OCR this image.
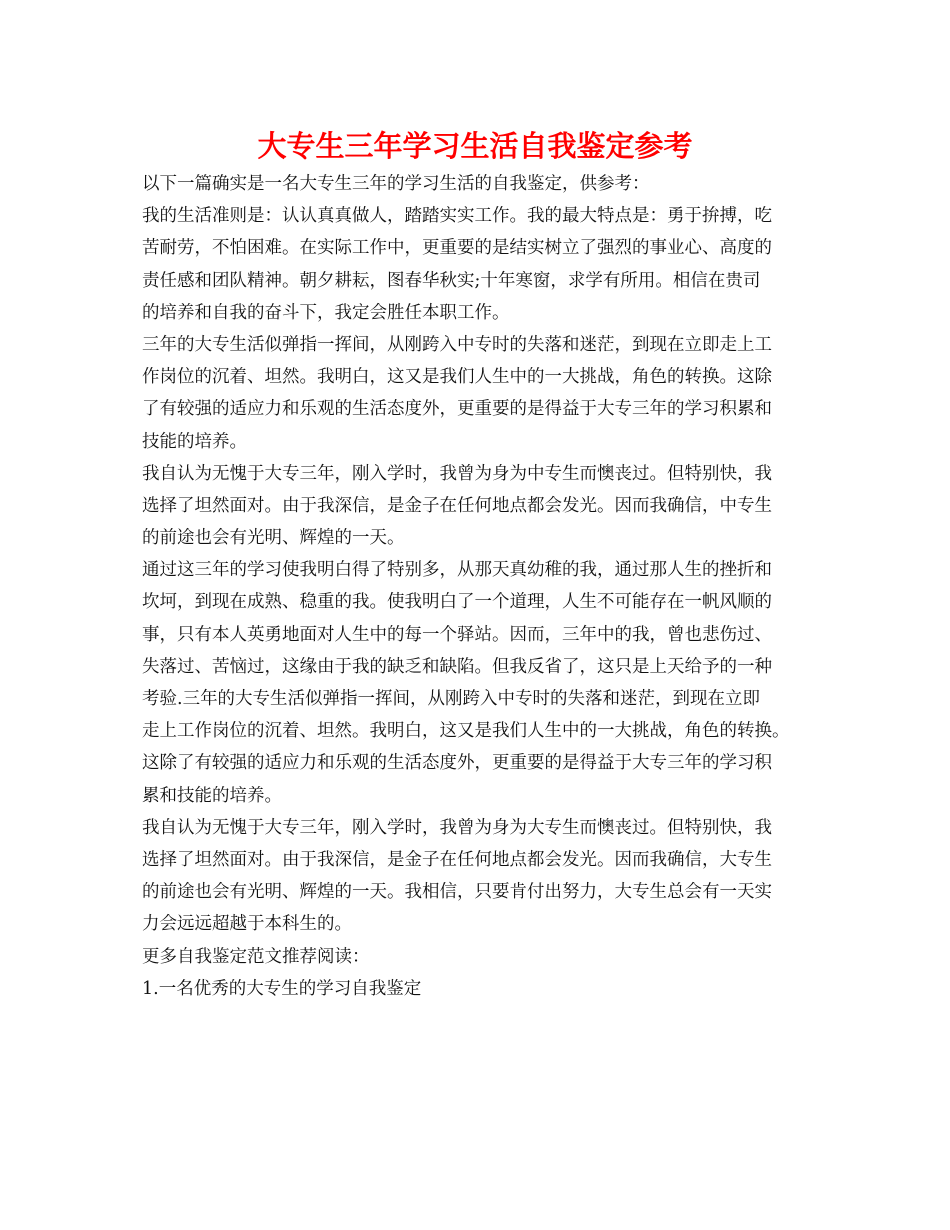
大专生三年学习生活自我鉴定参考
以下一篇确实是一名大专生三年的学习生活的自我鉴定，供参考：
我的生活准则是：认认真真做人，踏踏实实工作。我的最大特点是：勇于拚搏，吃
苦耐劳，不怕困难。在实际工作中，更重要的是结实树立了强烈的事业心、高度的
责任感和团队精神。朝夕耕耘，图春华秋实;十年寒窗，求学有所用。相信在贵司
的培养和自我的奋斗下，我定会胜任本职工作。
三年的大专生活似弹指一挥间，从刚跨入中专时的失落和迷茫，到现在立即走上工
作岗位的沉着、坦然。我明白，这又是我们人生中的一大挑战，角色的转换。这除
了有较强的适应力和乐观的生活态度外，更重要的是得益于大专三年的学习积累和
技能的培养。
我自认为无愧于大专三年，刚入学时，我曾为身为中专生而懊丧过。但特别快，我
选择了坦然面对。由于我深信，是金子在任何地点都会发光。因而我确信，中专生
的前途也会有光明、辉煌的一天。
通过这三年的学习使我明白得了特别多，从那天真幼稚的我，通过那人生的挫折和
坎坷，到现在成熟、稳重的我。使我明白了一个道理，人生不可能存在一帆风顺的
事，只有本人英勇地面对人生中的每一个驿站。因而，三年中的我，曾也悲伤过、
失落过、苦恼过，这缘由于我的缺乏和缺陷。但我反省了，这只是上天给予的一种
考验.三年的大专生活似弹指一挥间，从刚跨入中专时的失落和迷茫，到现在立即
走上工作岗位的沉着、坦然。我明白，这又是我们人生中的一大挑战，角色的转换。
这除了有较强的适应力和乐观的生活态度外，更重要的是得益于大专三年的学习积
累和技能的培养。
我自认为无愧于大专三年，刚入学时，我曾为身为大专生而懊丧过。但特别快，我
选择了坦然面对。由于我深信，是金子在任何地点都会发光。因而我确信，大专生
的前途也会有光明、辉煌的一天。我相信，只要肯付出努力，大专生总会有一天实
力会远远超越于本科生的。
更多自我鉴定范文推荐阅读：
1.一名优秀的大专生的学习自我鉴定
